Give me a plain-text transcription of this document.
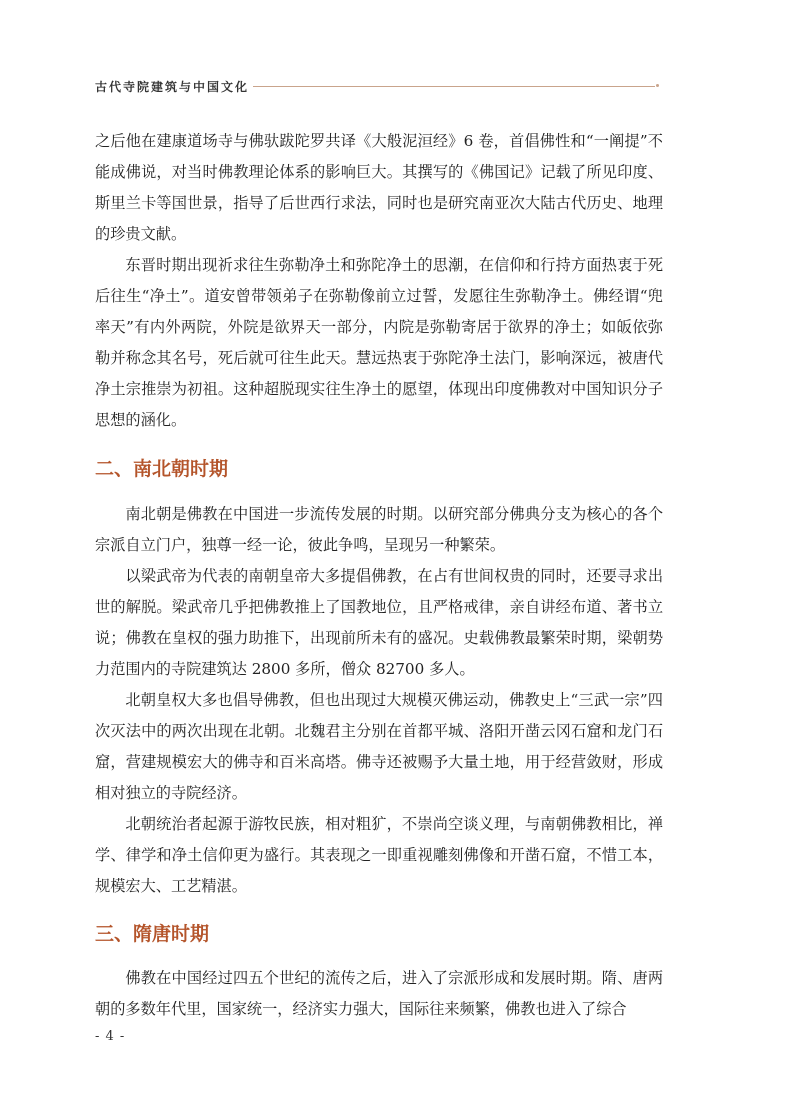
古代寺院建筑与中国文化

之后他在建康道场寺与佛驮跋陀罗共译《大般泥洹经》6 卷，首倡佛性和“一阐提”不能成佛说，对当时佛教理论体系的影响巨大。其撰写的《佛国记》记载了所见印度、斯里兰卡等国世景，指导了后世西行求法，同时也是研究南亚次大陆古代历史、地理的珍贵文献。

东晋时期出现祈求往生弥勒净土和弥陀净土的思潮，在信仰和行持方面热衷于死后往生“净土”。道安曾带领弟子在弥勒像前立过誓，发愿往生弥勒净土。佛经谓“兜率天”有内外两院，外院是欲界天一部分，内院是弥勒寄居于欲界的净土；如皈依弥勒并称念其名号，死后就可往生此天。慧远热衷于弥陀净土法门，影响深远，被唐代净土宗推崇为初祖。这种超脱现实往生净土的愿望，体现出印度佛教对中国知识分子思想的涵化。

二、南北朝时期

南北朝是佛教在中国进一步流传发展的时期。以研究部分佛典分支为核心的各个宗派自立门户，独尊一经一论，彼此争鸣，呈现另一种繁荣。

以梁武帝为代表的南朝皇帝大多提倡佛教，在占有世间权贵的同时，还要寻求出世的解脱。梁武帝几乎把佛教推上了国教地位，且严格戒律，亲自讲经布道、著书立说；佛教在皇权的强力助推下，出现前所未有的盛况。史载佛教最繁荣时期，梁朝势力范围内的寺院建筑达 2800 多所，僧众 82700 多人。

北朝皇权大多也倡导佛教，但也出现过大规模灭佛运动，佛教史上“三武一宗”四次灭法中的两次出现在北朝。北魏君主分别在首都平城、洛阳开凿云冈石窟和龙门石窟，营建规模宏大的佛寺和百米高塔。佛寺还被赐予大量土地，用于经营敛财，形成相对独立的寺院经济。

北朝统治者起源于游牧民族，相对粗犷，不崇尚空谈义理，与南朝佛教相比，禅学、律学和净土信仰更为盛行。其表现之一即重视雕刻佛像和开凿石窟，不惜工本，规模宏大、工艺精湛。

三、隋唐时期

佛教在中国经过四五个世纪的流传之后，进入了宗派形成和发展时期。隋、唐两朝的多数年代里，国家统一，经济实力强大，国际往来频繁，佛教也进入了综合

- 4 -
